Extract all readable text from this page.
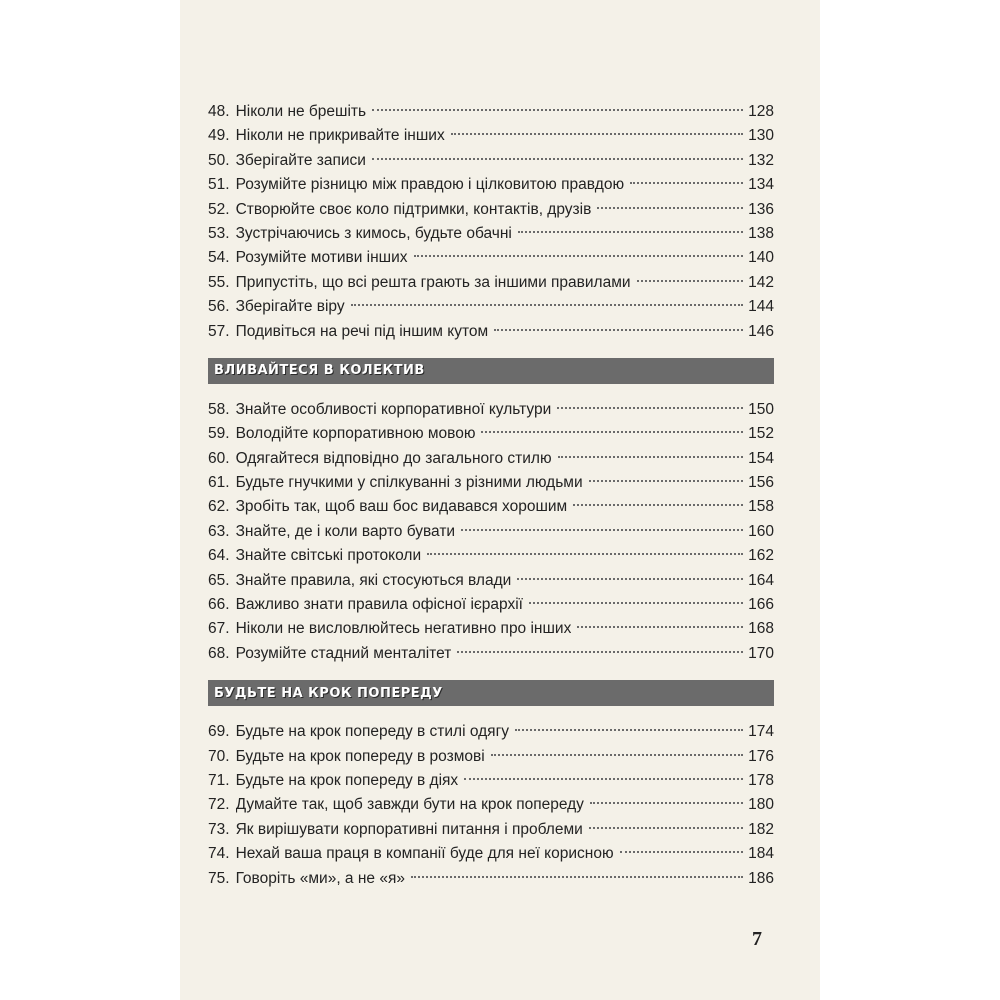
48. Ніколи не брешіть	128
49. Ніколи не прикривайте інших	130
50. Зберігайте записи	132
51. Розумійте різницю між правдою і цілковитою правдою	134
52. Створюйте своє коло підтримки, контактів, друзів	136
53. Зустрічаючись з кимось, будьте обачні	138
54. Розумійте мотиви інших	140
55. Припустіть, що всі решта грають за іншими правилами	142
56. Зберігайте віру	144
57. Подивіться на речі під іншим кутом	146
ВЛИВАЙТЕСЯ В КОЛЕКТИВ
58. Знайте особливості корпоративної культури	150
59. Володійте корпоративною мовою	152
60. Одягайтеся відповідно до загального стилю	154
61. Будьте гнучкими у спілкуванні з різними людьми	156
62. Зробіть так, щоб ваш бос видавався хорошим	158
63. Знайте, де і коли варто бувати	160
64. Знайте світські протоколи	162
65. Знайте правила, які стосуються влади	164
66. Важливо знати правила офісної ієрархії	166
67. Ніколи не висловлюйтесь негативно про інших	168
68. Розумійте стадний менталітет	170
БУДЬТЕ НА КРОК ПОПЕРЕДУ
69. Будьте на крок попереду в стилі одягу	174
70. Будьте на крок попереду в розмові	176
71. Будьте на крок попереду в діях	178
72. Думайте так, щоб завжди бути на крок попереду	180
73. Як вирішувати корпоративні питання і проблеми	182
74. Нехай ваша праця в компанії буде для неї корисною	184
75. Говоріть «ми», а не «я»	186
7
